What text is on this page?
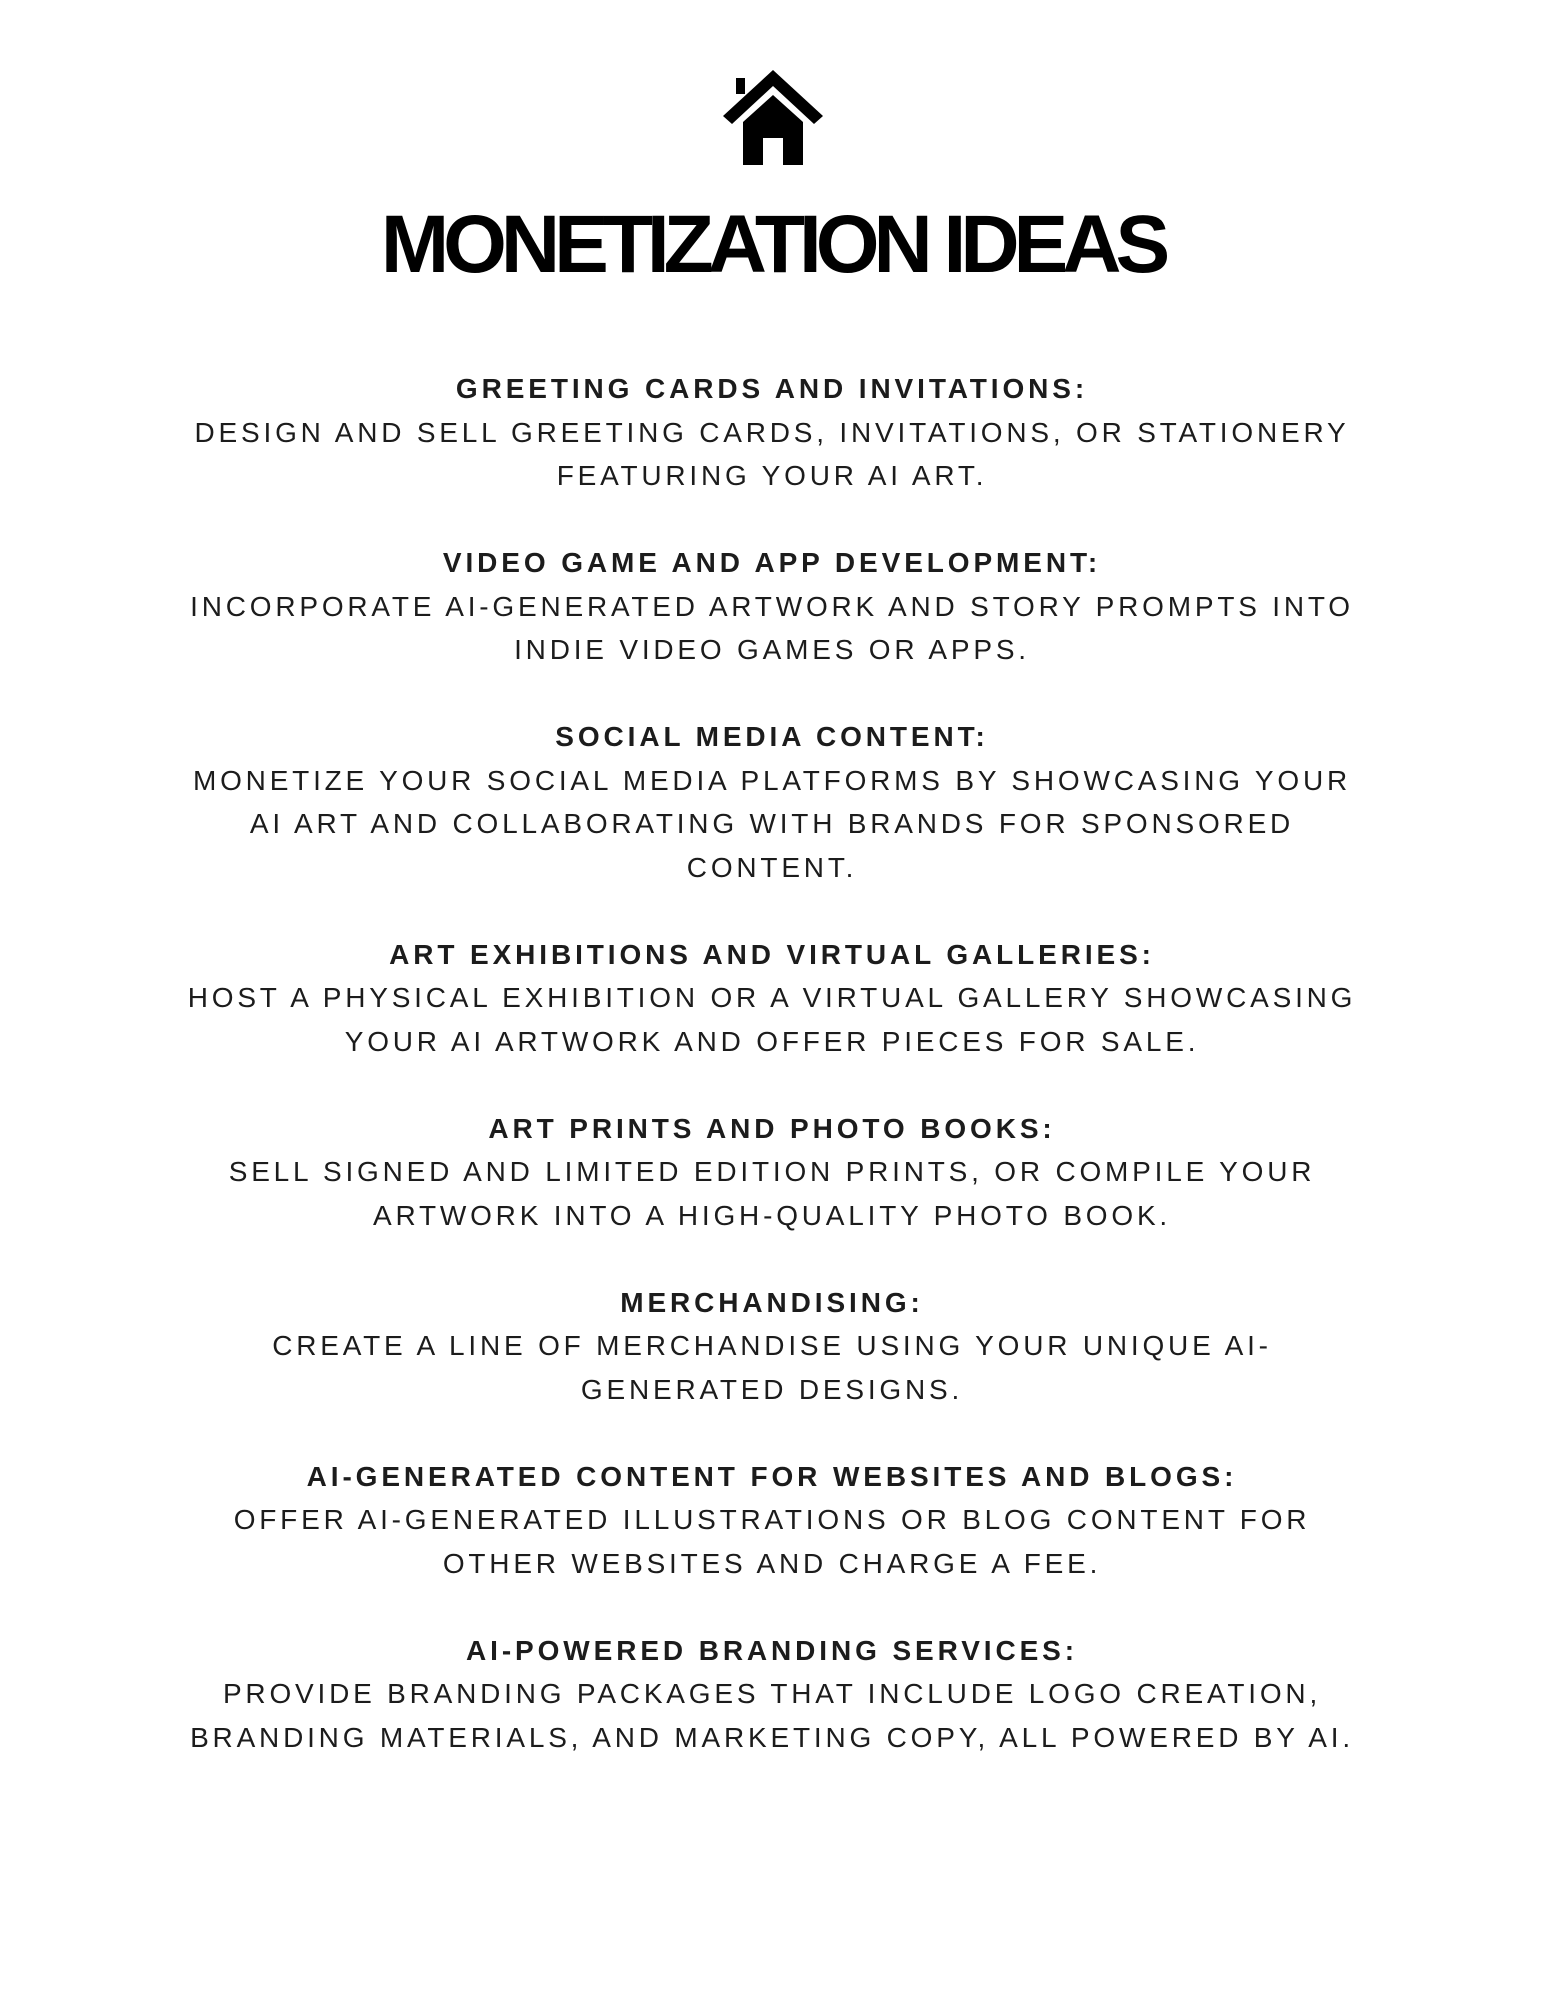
MONETIZATION IDEAS

GREETING CARDS AND INVITATIONS:

DESIGN AND SELL GREETING CARDS, INVITATIONS, OR STATIONERY

FEATURING YOUR AI ART.

VIDEO GAME AND APP DEVELOPMENT:

INCORPORATE AI-GENERATED ARTWORK AND STORY PROMPTS INTO

INDIE VIDEO GAMES OR APPS.

SOCIAL MEDIA CONTENT:

MONETIZE YOUR SOCIAL MEDIA PLATFORMS BY SHOWCASING YOUR

AI ART AND COLLABORATING WITH BRANDS FOR SPONSORED

CONTENT.

ART EXHIBITIONS AND VIRTUAL GALLERIES:

HOST A PHYSICAL EXHIBITION OR A VIRTUAL GALLERY SHOWCASING

YOUR AI ARTWORK AND OFFER PIECES FOR SALE.

ART PRINTS AND PHOTO BOOKS:

SELL SIGNED AND LIMITED EDITION PRINTS, OR COMPILE YOUR

ARTWORK INTO A HIGH-QUALITY PHOTO BOOK.

MERCHANDISING:

CREATE A LINE OF MERCHANDISE USING YOUR UNIQUE AI-

GENERATED DESIGNS.

AI-GENERATED CONTENT FOR WEBSITES AND BLOGS:

OFFER AI-GENERATED ILLUSTRATIONS OR BLOG CONTENT FOR

OTHER WEBSITES AND CHARGE A FEE.

AI-POWERED BRANDING SERVICES:

PROVIDE BRANDING PACKAGES THAT INCLUDE LOGO CREATION,

BRANDING MATERIALS, AND MARKETING COPY, ALL POWERED BY AI.
